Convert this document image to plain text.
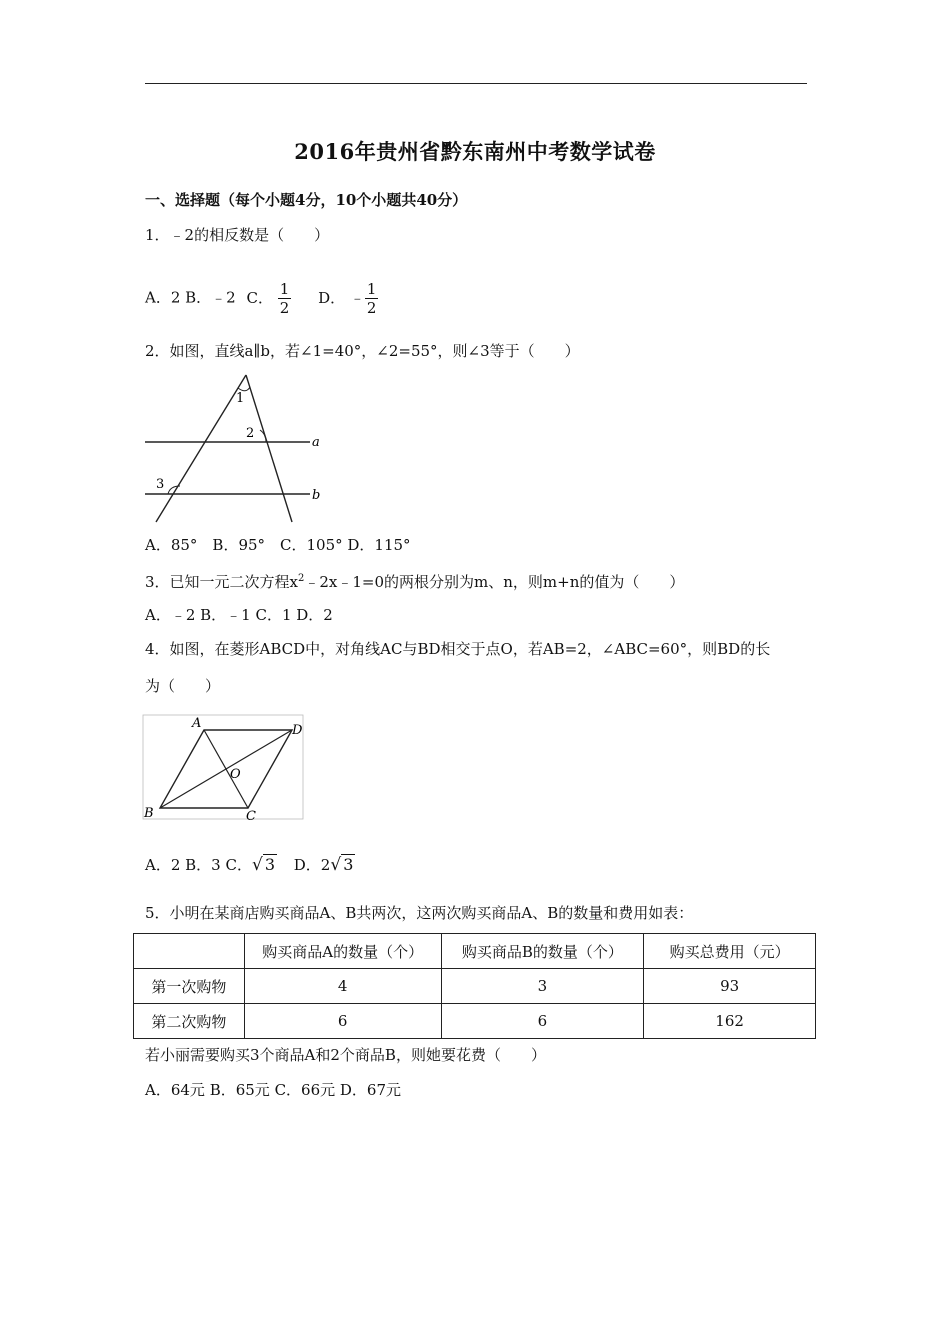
2016年贵州省黔东南州中考数学试卷
一、选择题（每个小题4分，10个小题共40分）
1．﹣2的相反数是（　　）
A．2 B．﹣2 C． $\frac{1}{2}$ D． ﹣ $\frac{1}{2}$
2．如图，直线a∥b，若∠1=40°，∠2=55°，则∠3等于（　　）
1
2
3
a
b
A．85°　B．95°　C．105° D．115°
3．已知一元二次方程$x^2﹣2x﹣1=0$的两根分别为m、n，则m+n的值为（　　）
A．﹣2 B．﹣1 C．1 D．2
4．如图，在菱形ABCD中，对角线AC与BD相交于点O，若AB=2，∠ABC=60°，则BD的长
为（　　）
A	D
O
B	C
A．2 B．3 C．√ 3 D．2√ 3
5．小明在某商店购买商品A、B共两次，这两次购买商品A、B的数量和费用如表：
	购买商品A的数量（个）	购买商品B的数量（个）	购买总费用（元）
第一次购物	4	3	93
第二次购物	6	6	162
若小丽需要购买3个商品A和2个商品B，则她要花费（　　）
A．64元 B．65元 C．66元 D．67元
